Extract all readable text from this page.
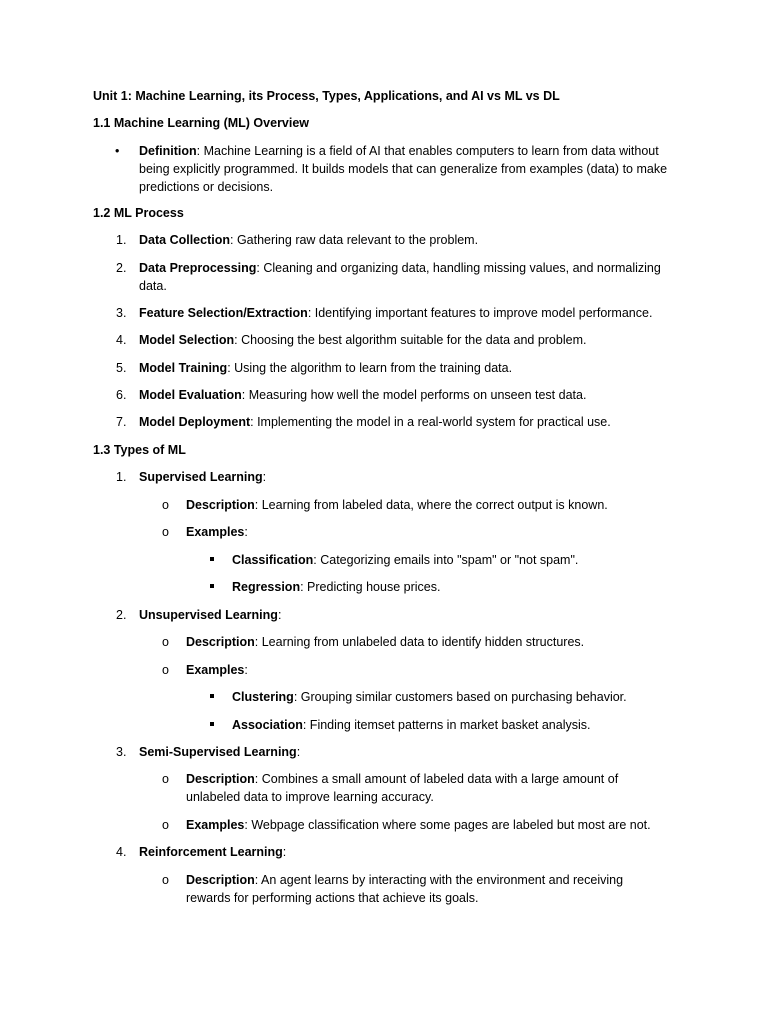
Unit 1: Machine Learning, its Process, Types, Applications, and AI vs ML vs DL

1.1 Machine Learning (ML) Overview

• Definition: Machine Learning is a field of AI that enables computers to learn from data without being explicitly programmed. It builds models that can generalize from examples (data) to make predictions or decisions.

1.2 ML Process

1. Data Collection: Gathering raw data relevant to the problem.

2. Data Preprocessing: Cleaning and organizing data, handling missing values, and normalizing data.

3. Feature Selection/Extraction: Identifying important features to improve model performance.

4. Model Selection: Choosing the best algorithm suitable for the data and problem.

5. Model Training: Using the algorithm to learn from the training data.

6. Model Evaluation: Measuring how well the model performs on unseen test data.

7. Model Deployment: Implementing the model in a real-world system for practical use.

1.3 Types of ML

1. Supervised Learning:

o Description: Learning from labeled data, where the correct output is known.

o Examples:

Classification: Categorizing emails into "spam" or "not spam".

Regression: Predicting house prices.

2. Unsupervised Learning:

o Description: Learning from unlabeled data to identify hidden structures.

o Examples:

Clustering: Grouping similar customers based on purchasing behavior.

Association: Finding itemset patterns in market basket analysis.

3. Semi-Supervised Learning:

o Description: Combines a small amount of labeled data with a large amount of unlabeled data to improve learning accuracy.

o Examples: Webpage classification where some pages are labeled but most are not.

4. Reinforcement Learning:

o Description: An agent learns by interacting with the environment and receiving rewards for performing actions that achieve its goals.
